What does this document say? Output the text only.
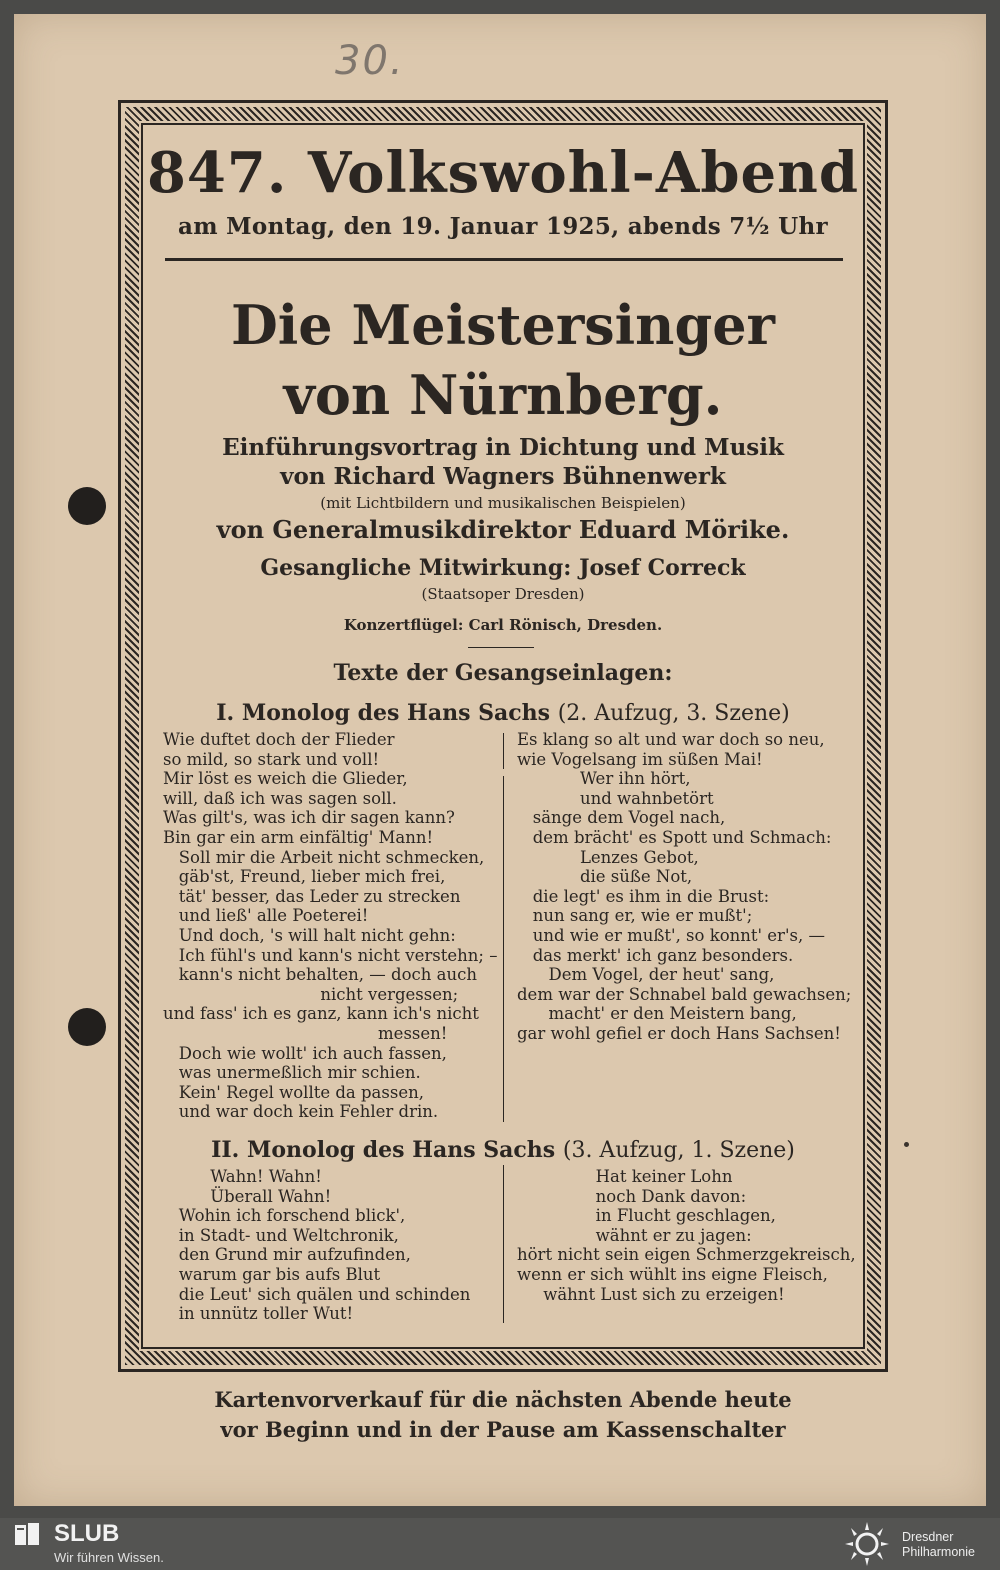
30.
847. Volkswohl-Abend
am Montag, den 19. Januar 1925, abends 7½ Uhr
Die Meistersinger
von Nürnberg.
Einführungsvortrag in Dichtung und Musik
von Richard Wagners Bühnenwerk
(mit Lichtbildern und musikalischen Beispielen)
von Generalmusikdirektor Eduard Mörike.
Gesangliche Mitwirkung: Josef Correck
(Staatsoper Dresden)
Konzertflügel: Carl Rönisch, Dresden.
Texte der Gesangseinlagen:
I. Monolog des Hans Sachs (2. Aufzug, 3. Szene)
Wie duftet doch der Flieder
so mild, so stark und voll!
Mir löst es weich die Glieder,
will, daß ich was sagen soll.
Was gilt's, was ich dir sagen kann?
Bin gar ein arm einfältig' Mann!
Soll mir die Arbeit nicht schmecken,
gäb'st, Freund, lieber mich frei,
tät' besser, das Leder zu strecken
und ließ' alle Poeterei!
Und doch, 's will halt nicht gehn:
Ich fühl's und kann's nicht verstehn; –
kann's nicht behalten, — doch auch
nicht vergessen;
und fass' ich es ganz, kann ich's nicht
messen!
Doch wie wollt' ich auch fassen,
was unermeßlich mir schien.
Kein' Regel wollte da passen,
und war doch kein Fehler drin.
Es klang so alt und war doch so neu,
wie Vogelsang im süßen Mai!
Wer ihn hört,
und wahnbetört
sänge dem Vogel nach,
dem brächt' es Spott und Schmach:
Lenzes Gebot,
die süße Not,
die legt' es ihm in die Brust:
nun sang er, wie er mußt';
und wie er mußt', so konnt' er's, —
das merkt' ich ganz besonders.
Dem Vogel, der heut' sang,
dem war der Schnabel bald gewachsen;
macht' er den Meistern bang,
gar wohl gefiel er doch Hans Sachsen!
II. Monolog des Hans Sachs (3. Aufzug, 1. Szene)
Wahn! Wahn!
Überall Wahn!
Wohin ich forschend blick',
in Stadt- und Weltchronik,
den Grund mir aufzufinden,
warum gar bis aufs Blut
die Leut' sich quälen und schinden
in unnütz toller Wut!
Hat keiner Lohn
noch Dank davon:
in Flucht geschlagen,
wähnt er zu jagen:
hört nicht sein eigen Schmerzgekreisch,
wenn er sich wühlt ins eigne Fleisch,
wähnt Lust sich zu erzeigen!
Kartenvorverkauf für die nächsten Abende heute
vor Beginn und in der Pause am Kassenschalter
SLUB
Wir führen Wissen.
Dresdner
Philharmonie
